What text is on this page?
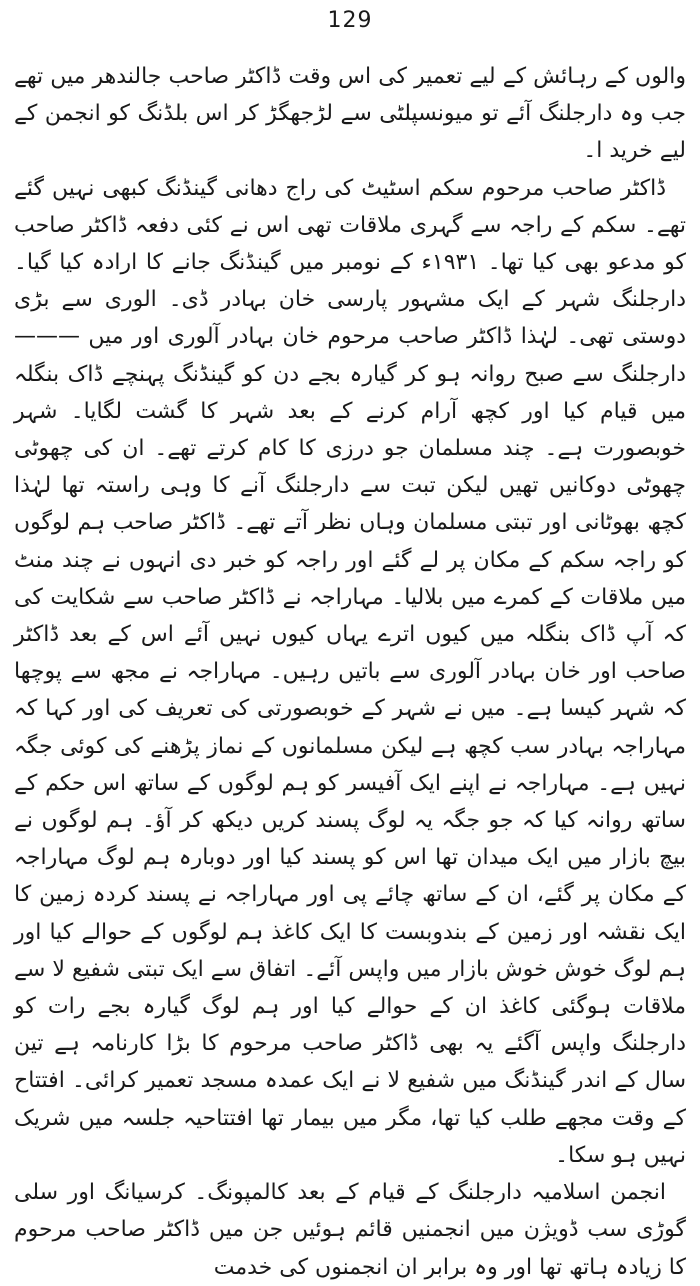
129

والوں کے رہائش کے لیے تعمیر کی اس وقت ڈاکٹر صاحب جالندھر میں تھے جب وہ دارجلنگ آئے تو میونسپلٹی سے لڑجھگڑ کر اس بلڈنگ کو انجمن کے لیے خرید ا۔

ڈاکٹر صاحب مرحوم سکم اسٹیٹ کی راج دھانی گینڈنگ کبھی نہیں گئے تھے۔ سکم کے راجہ سے گہری ملاقات تھی اس نے کئی دفعہ ڈاکٹر صاحب کو مدعو بھی کیا تھا۔ ۱۹۳۱ء کے نومبر میں گینڈنگ جانے کا ارادہ کیا گیا۔ دارجلنگ شہر کے ایک مشہور پارسی خان بہادر ڈی۔ الوری سے بڑی دوستی تھی۔ لہٰذا ڈاکٹر صاحب مرحوم خان بہادر آلوری اور میں ——— دارجلنگ سے صبح روانہ ہو کر گیارہ بجے دن کو گینڈنگ پہنچے ڈاک بنگلہ میں قیام کیا اور کچھ آرام کرنے کے بعد شہر کا گشت لگایا۔ شہر خوبصورت ہے۔ چند مسلمان جو درزی کا کام کرتے تھے۔ ان کی چھوٹی چھوٹی دوکانیں تھیں لیکن تبت سے دارجلنگ آنے کا وہی راستہ تھا لہٰذا کچھ بھوٹانی اور تبتی مسلمان وہاں نظر آتے تھے۔ ڈاکٹر صاحب ہم لوگوں کو راجہ سکم کے مکان پر لے گئے اور راجہ کو خبر دی انہوں نے چند منٹ میں ملاقات کے کمرے میں بلالیا۔ مہاراجہ نے ڈاکٹر صاحب سے شکایت کی کہ آپ ڈاک بنگلہ میں کیوں اترے یہاں کیوں نہیں آئے اس کے بعد ڈاکٹر صاحب اور خان بہادر آلوری سے باتیں رہیں۔ مہاراجہ نے مجھ سے پوچھا کہ شہر کیسا ہے۔ میں نے شہر کے خوبصورتی کی تعریف کی اور کہا کہ مہاراجہ بہادر سب کچھ ہے لیکن مسلمانوں کے نماز پڑھنے کی کوئی جگہ نہیں ہے۔ مہاراجہ نے اپنے ایک آفیسر کو ہم لوگوں کے ساتھ اس حکم کے ساتھ روانہ کیا کہ جو جگہ یہ لوگ پسند کریں دیکھ کر آؤ۔ ہم لوگوں نے بیچ بازار میں ایک میدان تھا اس کو پسند کیا اور دوبارہ ہم لوگ مہاراجہ کے مکان پر گئے، ان کے ساتھ چائے پی اور مہاراجہ نے پسند کردہ زمین کا ایک نقشہ اور زمین کے بندوبست کا ایک کاغذ ہم لوگوں کے حوالے کیا اور ہم لوگ خوش خوش بازار میں واپس آئے۔ اتفاق سے ایک تبتی شفیع لا سے ملاقات ہوگئی کاغذ ان کے حوالے کیا اور ہم لوگ گیارہ بجے رات کو دارجلنگ واپس آگئے یہ بھی ڈاکٹر صاحب مرحوم کا بڑا کارنامہ ہے تین سال کے اندر گینڈنگ میں شفیع لا نے ایک عمدہ مسجد تعمیر کرائی۔ افتتاح کے وقت مجھے طلب کیا تھا، مگر میں بیمار تھا افتتاحیہ جلسہ میں شریک نہیں ہو سکا۔

انجمن اسلامیہ دارجلنگ کے قیام کے بعد کالمپونگ۔ کرسیانگ اور سلی گوڑی سب ڈویژن میں انجمنیں قائم ہوئیں جن میں ڈاکٹر صاحب مرحوم کا زیادہ ہاتھ تھا اور وہ برابر ان انجمنوں کی خدمت
